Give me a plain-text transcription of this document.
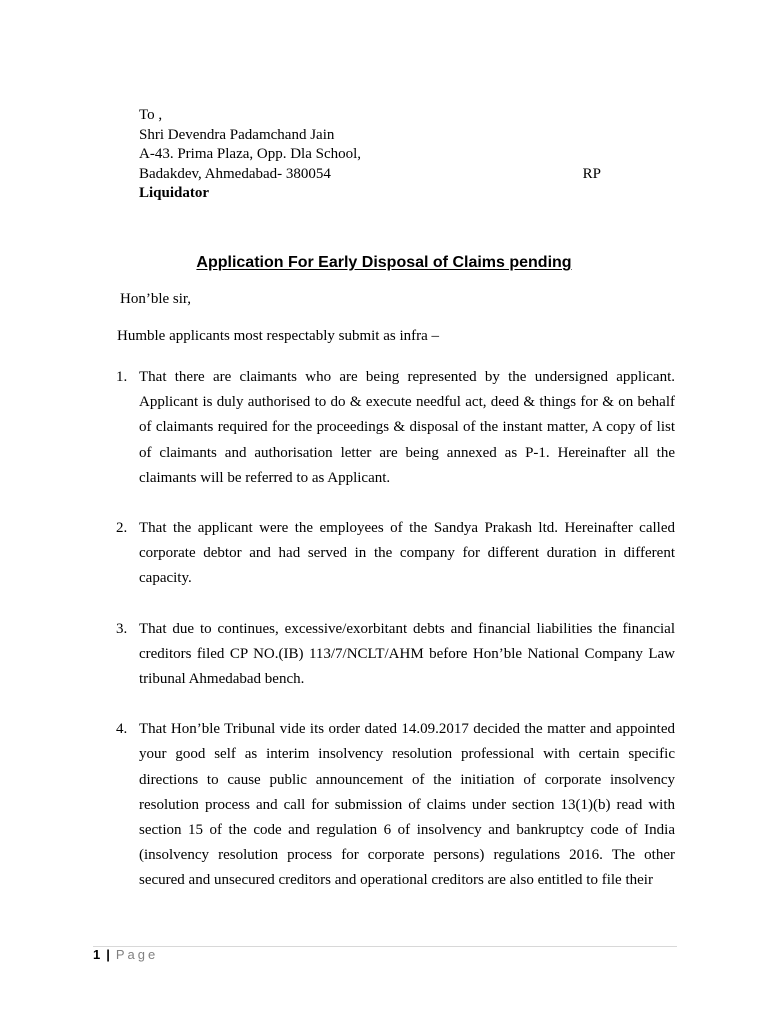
To ,
Shri Devendra Padamchand Jain
A-43. Prima Plaza, Opp. Dla School,
Badakdev, Ahmedabad- 380054	RP
Liquidator
Application For Early Disposal of Claims pending
Hon’ble sir,
Humble applicants most respectably submit as infra –
1. That there are claimants who are being represented by the undersigned applicant. Applicant is duly authorised to do & execute needful act, deed & things for & on behalf of claimants required for the proceedings & disposal of the instant matter, A copy of list of claimants and authorisation letter are being annexed as P-1. Hereinafter all the claimants will be referred to as Applicant.
2. That the applicant were the employees of the Sandya Prakash ltd. Hereinafter called corporate debtor and had served in the company for different duration in different capacity.
3. That due to continues, excessive/exorbitant debts and financial liabilities the financial creditors filed CP NO.(IB) 113/7/NCLT/AHM before Hon’ble National Company Law tribunal Ahmedabad bench.
4. That Hon’ble Tribunal vide its order dated 14.09.2017 decided the matter and appointed your good self as interim insolvency resolution professional with certain specific directions to cause public announcement of the initiation of corporate insolvency resolution process and call for submission of claims under section 13(1)(b) read with section 15 of the code and regulation 6 of insolvency and bankruptcy code of India (insolvency resolution process for corporate persons) regulations 2016. The other secured and unsecured creditors and operational creditors are also entitled to file their
1 | Page
